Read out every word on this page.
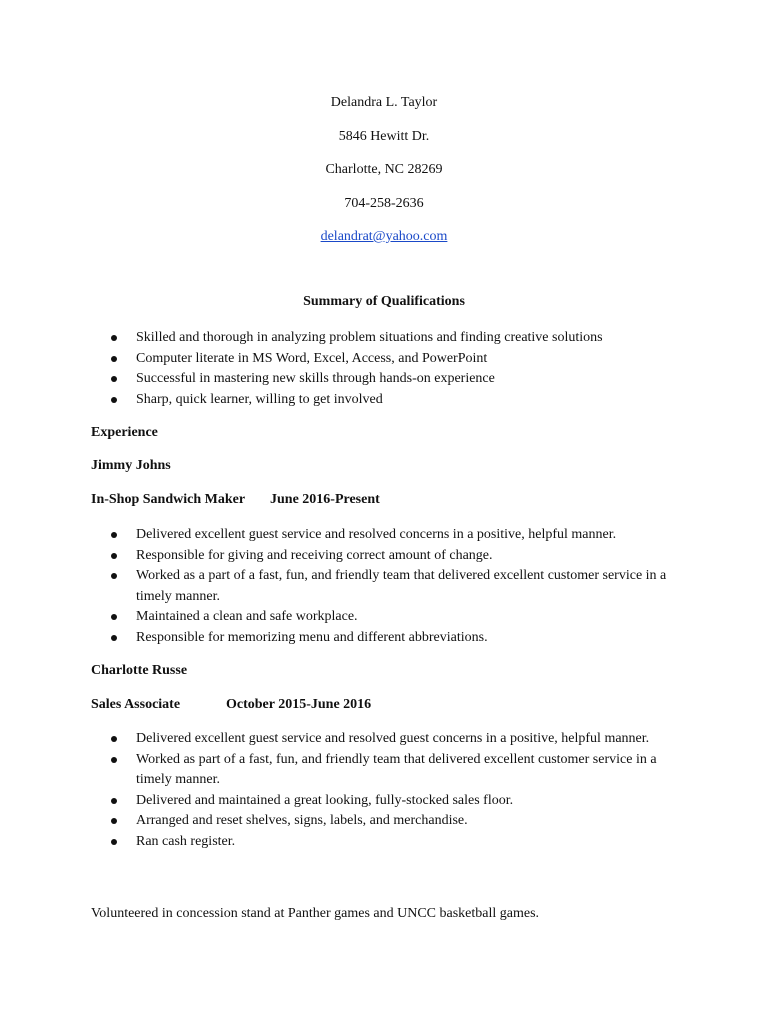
Delandra L. Taylor
5846 Hewitt Dr.
Charlotte, NC 28269
704-258-2636
delandrat@yahoo.com
Summary of Qualifications
Skilled and thorough in analyzing problem situations and finding creative solutions
Computer literate in MS Word, Excel, Access, and PowerPoint
Successful in mastering new skills through hands-on experience
Sharp, quick learner, willing to get involved
Experience
Jimmy Johns
In-Shop Sandwich Maker June 2016-Present
Delivered excellent guest service and resolved concerns in a positive, helpful manner.
Responsible for giving and receiving correct amount of change.
Worked as a part of a fast, fun, and friendly team that delivered excellent customer service in a timely manner.
Maintained a clean and safe workplace.
Responsible for memorizing menu and different abbreviations.
Charlotte Russe
Sales Associate	October 2015-June 2016
Delivered excellent guest service and resolved guest concerns in a positive, helpful manner.
Worked as part of a fast, fun, and friendly team that delivered excellent customer service in a timely manner.
Delivered and maintained a great looking, fully-stocked sales floor.
Arranged and reset shelves, signs, labels, and merchandise.
Ran cash register.
Volunteered in concession stand at Panther games and UNCC basketball games.
